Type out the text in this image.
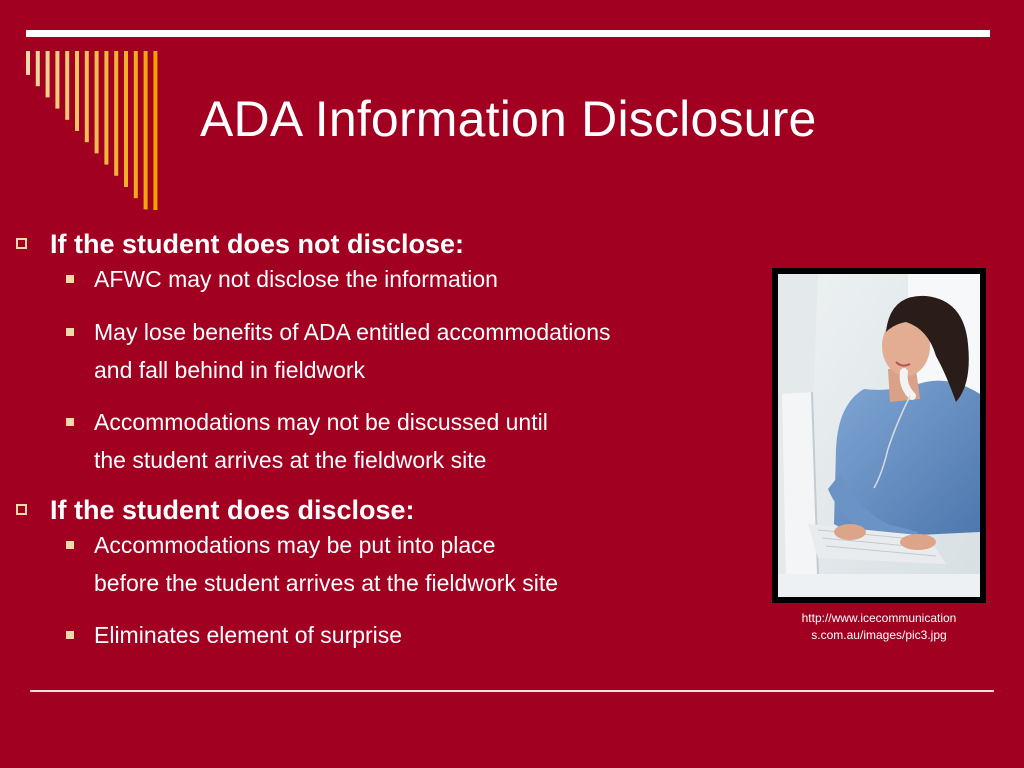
ADA Information Disclosure
If the student does not disclose:
AFWC may not disclose the information
May lose benefits of ADA entitled accommodations
and fall behind in fieldwork
Accommodations may not be discussed until
the student arrives at the fieldwork site
If the student does disclose:
Accommodations may be put into place
before the student arrives at the fieldwork site
Eliminates element of surprise
http://www.icecommunication
s.com.au/images/pic3.jpg
